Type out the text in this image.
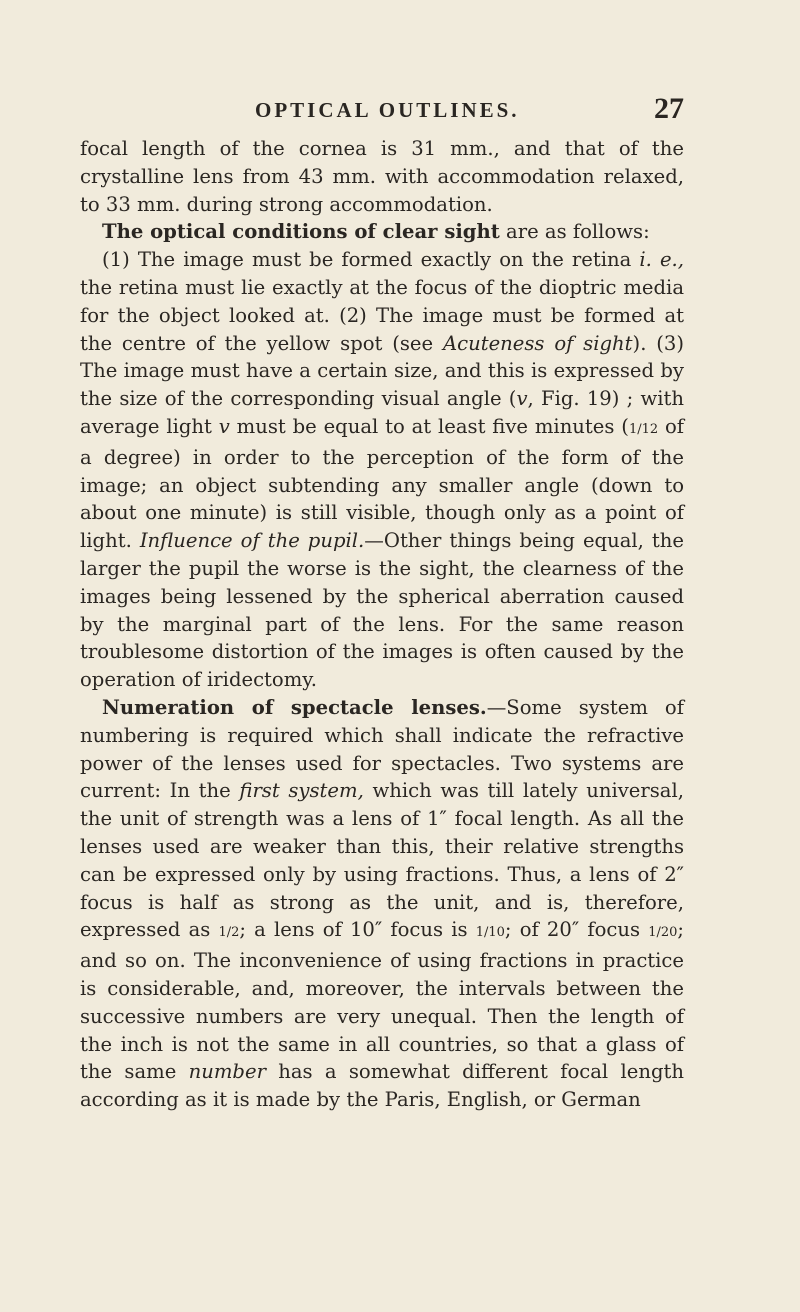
OPTICAL OUTLINES.	27

focal length of the cornea is 31 mm., and that of the crystalline lens from 43 mm. with accommodation relaxed, to 33 mm. during strong accommodation.

The optical conditions of clear sight are as follows:

(1) The image must be formed exactly on the retina i. e., the retina must lie exactly at the focus of the dioptric media for the object looked at. (2) The image must be formed at the centre of the yellow spot (see Acuteness of sight). (3) The image must have a certain size, and this is expressed by the size of the corresponding visual angle (v, Fig. 19) ; with average light v must be equal to at least five minutes (1/12 of a degree) in order to the perception of the form of the image; an object subtending any smaller angle (down to about one minute) is still visible, though only as a point of light. Influence of the pupil.—Other things being equal, the larger the pupil the worse is the sight, the clearness of the images being lessened by the spherical aberration caused by the marginal part of the lens. For the same reason troublesome distortion of the images is often caused by the operation of iridectomy.

Numeration of spectacle lenses.—Some system of numbering is required which shall indicate the refractive power of the lenses used for spectacles. Two systems are current: In the first system, which was till lately universal, the unit of strength was a lens of 1″ focal length. As all the lenses used are weaker than this, their relative strengths can be expressed only by using fractions. Thus, a lens of 2″ focus is half as strong as the unit, and is, therefore, expressed as 1/2; a lens of 10″ focus is 1/10; of 20″ focus 1/20; and so on. The inconvenience of using fractions in practice is considerable, and, moreover, the intervals between the successive numbers are very unequal. Then the length of the inch is not the same in all countries, so that a glass of the same number has a somewhat different focal length according as it is made by the Paris, English, or German
